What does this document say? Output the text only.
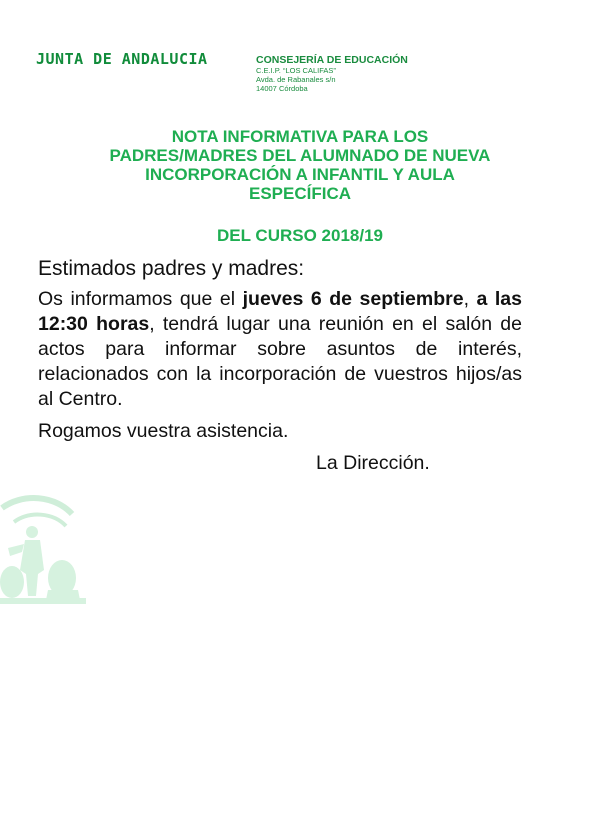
JUNTA DE ANDALUCIA	CONSEJERÍA DE EDUCACIÓN
C.E.I.P. “LOS CALIFAS”
Avda. de Rabanales s/n
14007 Córdoba
NOTA INFORMATIVA PARA LOS
PADRES/MADRES DEL ALUMNADO DE NUEVA
INCORPORACIÓN A INFANTIL Y AULA
ESPECÍFICA
DEL CURSO 2018/19
Estimados padres y madres:
Os informamos que el jueves 6 de septiembre, a las 12:30 horas, tendrá lugar una reunión en el salón de actos para informar sobre asuntos de interés, relacionados con la incorporación de vuestros hijos/as al Centro.
Rogamos vuestra asistencia.
La Dirección.
